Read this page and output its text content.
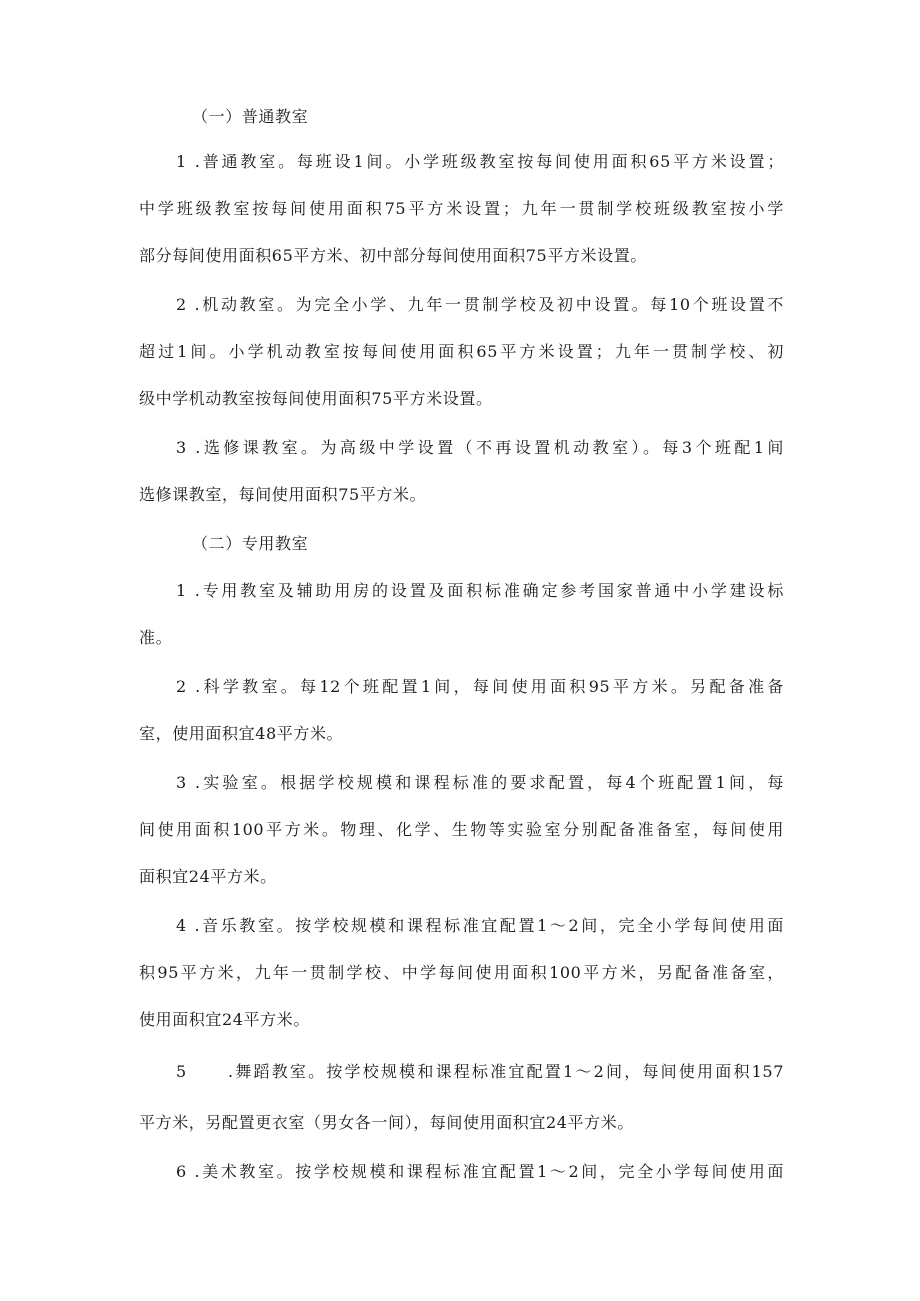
（一）普通教室
1 .普通教室。每班设1间。小学班级教室按每间使用面积65平方米设置；
中学班级教室按每间使用面积75平方米设置；九年一贯制学校班级教室按小学
部分每间使用面积65平方米、初中部分每间使用面积75平方米设置。
2 .机动教室。为完全小学、九年一贯制学校及初中设置。每10个班设置不
超过1间。小学机动教室按每间使用面积65平方米设置；九年一贯制学校、初
级中学机动教室按每间使用面积75平方米设置。
3 .选修课教室。为高级中学设置（不再设置机动教室）。每3个班配1间
选修课教室，每间使用面积75平方米。
（二）专用教室
1 .专用教室及辅助用房的设置及面积标准确定参考国家普通中小学建设标
准。
2 .科学教室。每12个班配置1间，每间使用面积95平方米。另配备准备
室，使用面积宜48平方米。
3 .实验室。根据学校规模和课程标准的要求配置，每4个班配置1间，每
间使用面积100平方米。物理、化学、生物等实验室分别配备准备室，每间使用
面积宜24平方米。
4 .音乐教室。按学校规模和课程标准宜配置1～2间，完全小学每间使用面
积95平方米，九年一贯制学校、中学每间使用面积100平方米，另配备准备室，
使用面积宜24平方米。
5	.舞蹈教室。按学校规模和课程标准宜配置1～2间，每间使用面积157
平方米，另配置更衣室（男女各一间），每间使用面积宜24平方米。
6 .美术教室。按学校规模和课程标准宜配置1～2间，完全小学每间使用面
